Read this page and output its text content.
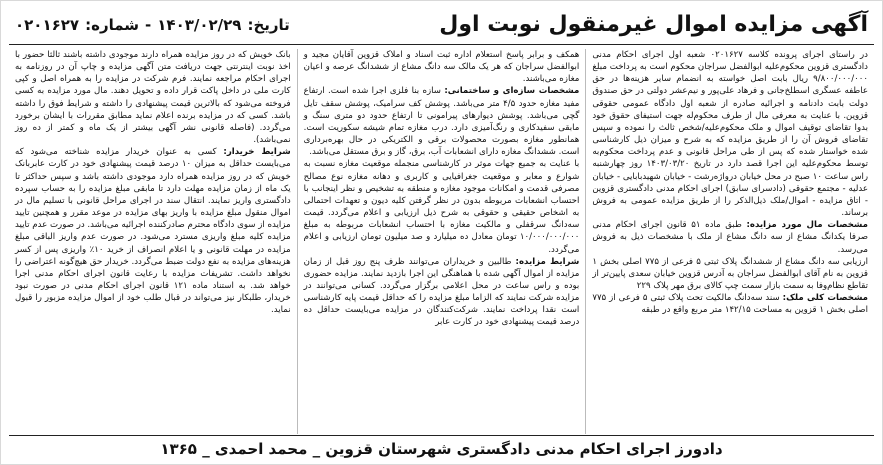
آگهی مزایده اموال غیرمنقول نوبت اول
تاریخ:
۱۴۰۳/۰۲/۲۹
-
شماره:
۰۲۰۱۶۲۷

در راستای اجرای پرونده کلاسه ۰۲۰۱۶۲۷ شعبه اول اجرای احکام مدنی دادگستری قزوین محکوم‌علیه ابوالفضل سراجان محکوم است به پرداخت مبلغ ۹/۸۰۰/۰۰۰/۰۰۰ ریال بابت اصل خواسته به انضمام سایر هزینه‌ها در حق عاطفه عسگری اسطلخ‌جانی و فرهاد علی‌پور و نیم‌عشر دولتی در حق صندوق دولت بابت دادنامه و اجرائیه صادره از شعبه اول دادگاه عمومی حقوقی قزوین. با عنایت به معرفی مال از طرف محکوم‌له جهت استیفای حقوق خود بدوا تقاضای توقیف اموال و ملک محکوم‌علیه/شخص ثالث را نموده و سپس تقاضای فروش آن را از طریق مزایده که به شرح و میزان ذیل کارشناسی شده خواستار شده که پس از طی مراحل قانونی و عدم پرداخت محکوم‌به توسط محکوم‌علیه این اجرا قصد دارد در تاریخ ۱۴۰۳/۰۳/۲۰ روز چهارشنبه راس ساعت ۱۰ صبح در محل خیابان درواژه‌رشت - خیابان شهیدبابایی - خیابان عدلیه - مجتمع حقوقی (دادسرای سابق) اجرای احکام مدنی دادگستری قزوین - اتاق مزایده - اموال/ملک ذیل‌الذکر را از طریق مزایده عمومی به فروش برساند.

مشخصات مال مورد مزایده: طبق ماده ۵۱ قانون اجرای احکام مدنی صرفا یکدانگ مشاع از سه دانگ مشاع از ملک با مشخصات ذیل به فروش می‌رسد.

ارزیابی سه دانگ مشاع از ششدانگ پلاک ثبتی ۵ فرعی از ۷۷۵ اصلی بخش ۱ قزوین به نام آقای ابوالفضل سراجان به آدرس قزوین خیابان سعدی پایین‌تر از تقاطع نظام‌وفا به سمت بازار سمت چپ کالای برق مهر پلاک ۲۲۹

مشخصات کلی ملک: سند سه‌دانگ مالکیت تحت پلاک ثبتی ۵ فرعی از ۷۷۵ اصلی بخش ۱ قزوین به مساحت ۱۴۲/۱۵ متر مربع واقع در طبقه

همکف و برابر پاسخ استعلام اداره ثبت اسناد و املاک قزوین آقایان مجید و ابوالفضل سراجان که هر یک مالک سه دانگ مشاع از ششدانگ عرصه و اعیان مغازه می‌باشند.

مشخصات سازه‌ای و ساختمانی: سازه بنا فلزی اجرا شده است. ارتفاع مفید مغازه حدود ۴/۵ متر می‌باشد. پوشش کف سرامیک، پوشش سقف تایل گچی می‌باشد. پوشش دیوارهای پیرامونی تا ارتفاع حدود دو متری سنگ و مابقی سفیدکاری و رنگ‌آمیزی دارد. درب مغازه تمام شیشه سکوریت است. همانطور مغازه بصورت محصولات برقی و الکتریکی در حال بهره‌برداری است. ششدانگ مغازه دارای انشعابات آب، برق، گاز و برق مستقل می‌باشد.

با عنایت به جمیع جهات موثر در کارشناسی منجمله موقعیت مغازه نسبت به شوارع و معابر و موقعیت جغرافیایی و کاربری و دهانه مغازه نوع مصالح مصرفی قدمت و امکانات موجود مغازه و منطقه به تشخیص و نظر اینجانب با احتساب انشعابات مربوطه بدون در نظر گرفتن کلیه دیون و تعهدات احتمالی به اشخاص حقیقی و حقوقی به شرح ذیل ارزیابی و اعلام می‌گردد. قیمت سه‌دانگ سرقفلی و مالکیت مغازه با احتساب انشعابات مربوطه به مبلغ ۱۰/۰۰۰/۰۰۰/۰۰۰ تومان معادل ده میلیارد و صد میلیون تومان ارزیابی و اعلام می‌گردد.

شرایط مزایده: طالبین و خریداران می‌توانند ظرف پنج روز قبل از زمان مزایده از اموال آگهی شده با هماهنگی این اجرا بازدید نمایند. مزایده حضوری بوده و راس ساعت در محل اعلامی برگزار می‌گردد. کسانی می‌توانند در مزایده شرکت نمایند که الزاما مبلغ مزایده را که حداقل قیمت پایه کارشناسی است نقدا پرداخت نمایند. شرکت‌کنندگان در مزایده می‌بایست حداقل ده درصد قیمت پیشنهادی خود در کارت عابر

بانک خویش که در روز مزایده همراه دارند موجودی داشته باشند ثالثا حضور با اخذ نوبت اینترنتی جهت دریافت متن آگهی مزایده و چاپ آن در روزنامه به اجرای احکام مراجعه نمایند. فرم شرکت در مزایده را به همراه اصل و کپی کارت ملی در داخل پاکت قرار داده و تحویل دهند. مال مورد مزایده به کسی فروخته می‌شود که بالاترین قیمت پیشنهادی را داشته و شرایط فوق را داشته باشد. کسی که در مزایده برنده اعلام نماید مطابق مقررات با ایشان برخورد می‌گردد. (فاصله قانونی نشر آگهی بیشتر از یک ماه و کمتر از ده روز نمی‌باشد).

شرایط خریدار: کسی به عنوان خریدار مزایده شناخته می‌شود که می‌بایست حداقل به میزان ۱۰ درصد قیمت پیشنهادی خود در کارت عابربانک خویش که در روز مزایده همراه دارد موجودی داشته باشد و سپس حداکثر تا یک ماه از زمان مزایده مهلت دارد تا مابقی مبلغ مزایده را به حساب سپرده دادگستری واریز نمایند. انتقال سند در اجرای مراحل قانونی با تسلیم مال در اموال منقول مبلغ مزایده با واریز بهای مزایده در موعد مقرر و همچنین تایید مزایده از سوی دادگاه محترم صادرکننده اجرائیه می‌باشد. در صورت عدم تایید مزایده کلیه مبلغ واریزی مسترد می‌شود. در صورت عدم واریز الباقی مبلغ مزایده در مهلت قانونی و یا اعلام انصراف از خرید ۱۰٪ واریزی پس از کسر هزینه‌های مزایده به نفع دولت ضبط می‌گردد. خریدار حق هیچ‌گونه اعتراضی را نخواهد داشت. تشریفات مزایده با رعایت قانون اجرای احکام مدنی اجرا خواهد شد. به استناد ماده ۱۲۱ قانون اجرای احکام مدنی در صورت نبود خریدار، طلبکار نیز می‌تواند در قبال طلب خود از اموال مزایده مزبور را قبول نماید.

دادورز اجرای احکام مدنی دادگستری شهرستان قزوین _ محمد احمدی _ ۱۳۶۵
